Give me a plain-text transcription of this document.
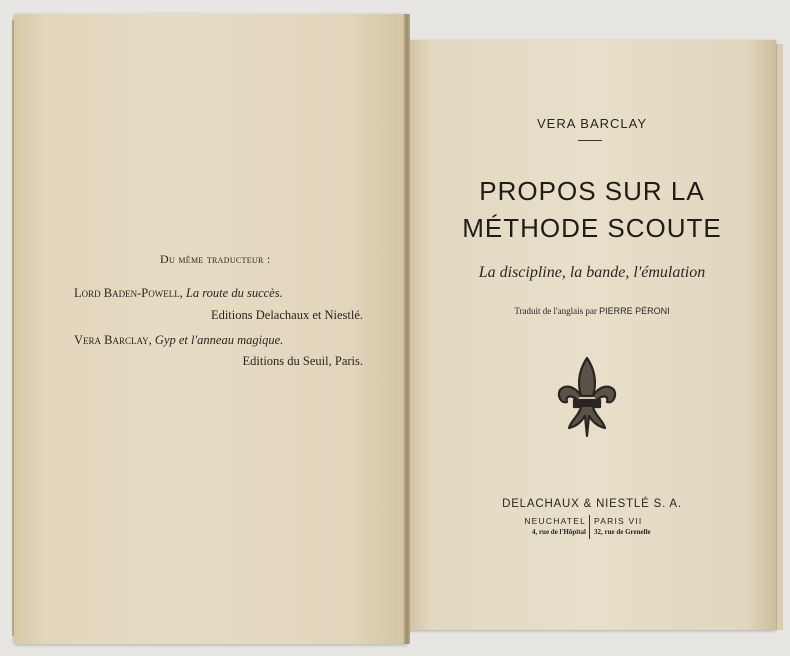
Du même traducteur :
Lord Baden-Powell, La route du succès.
Editions Delachaux et Niestlé.
Vera Barclay, Gyp et l'anneau magique.
Editions du Seuil, Paris.
VERA BARCLAY
PROPOS SUR LA
MÉTHODE SCOUTE
La discipline, la bande, l'émulation
Traduit de l'anglais par PIERRE PÉRONI
DELACHAUX & NIESTLÉ S. A.
NEUCHATEL PARIS VII
4, rue de l'Hôpital 32, rue de Grenelle
